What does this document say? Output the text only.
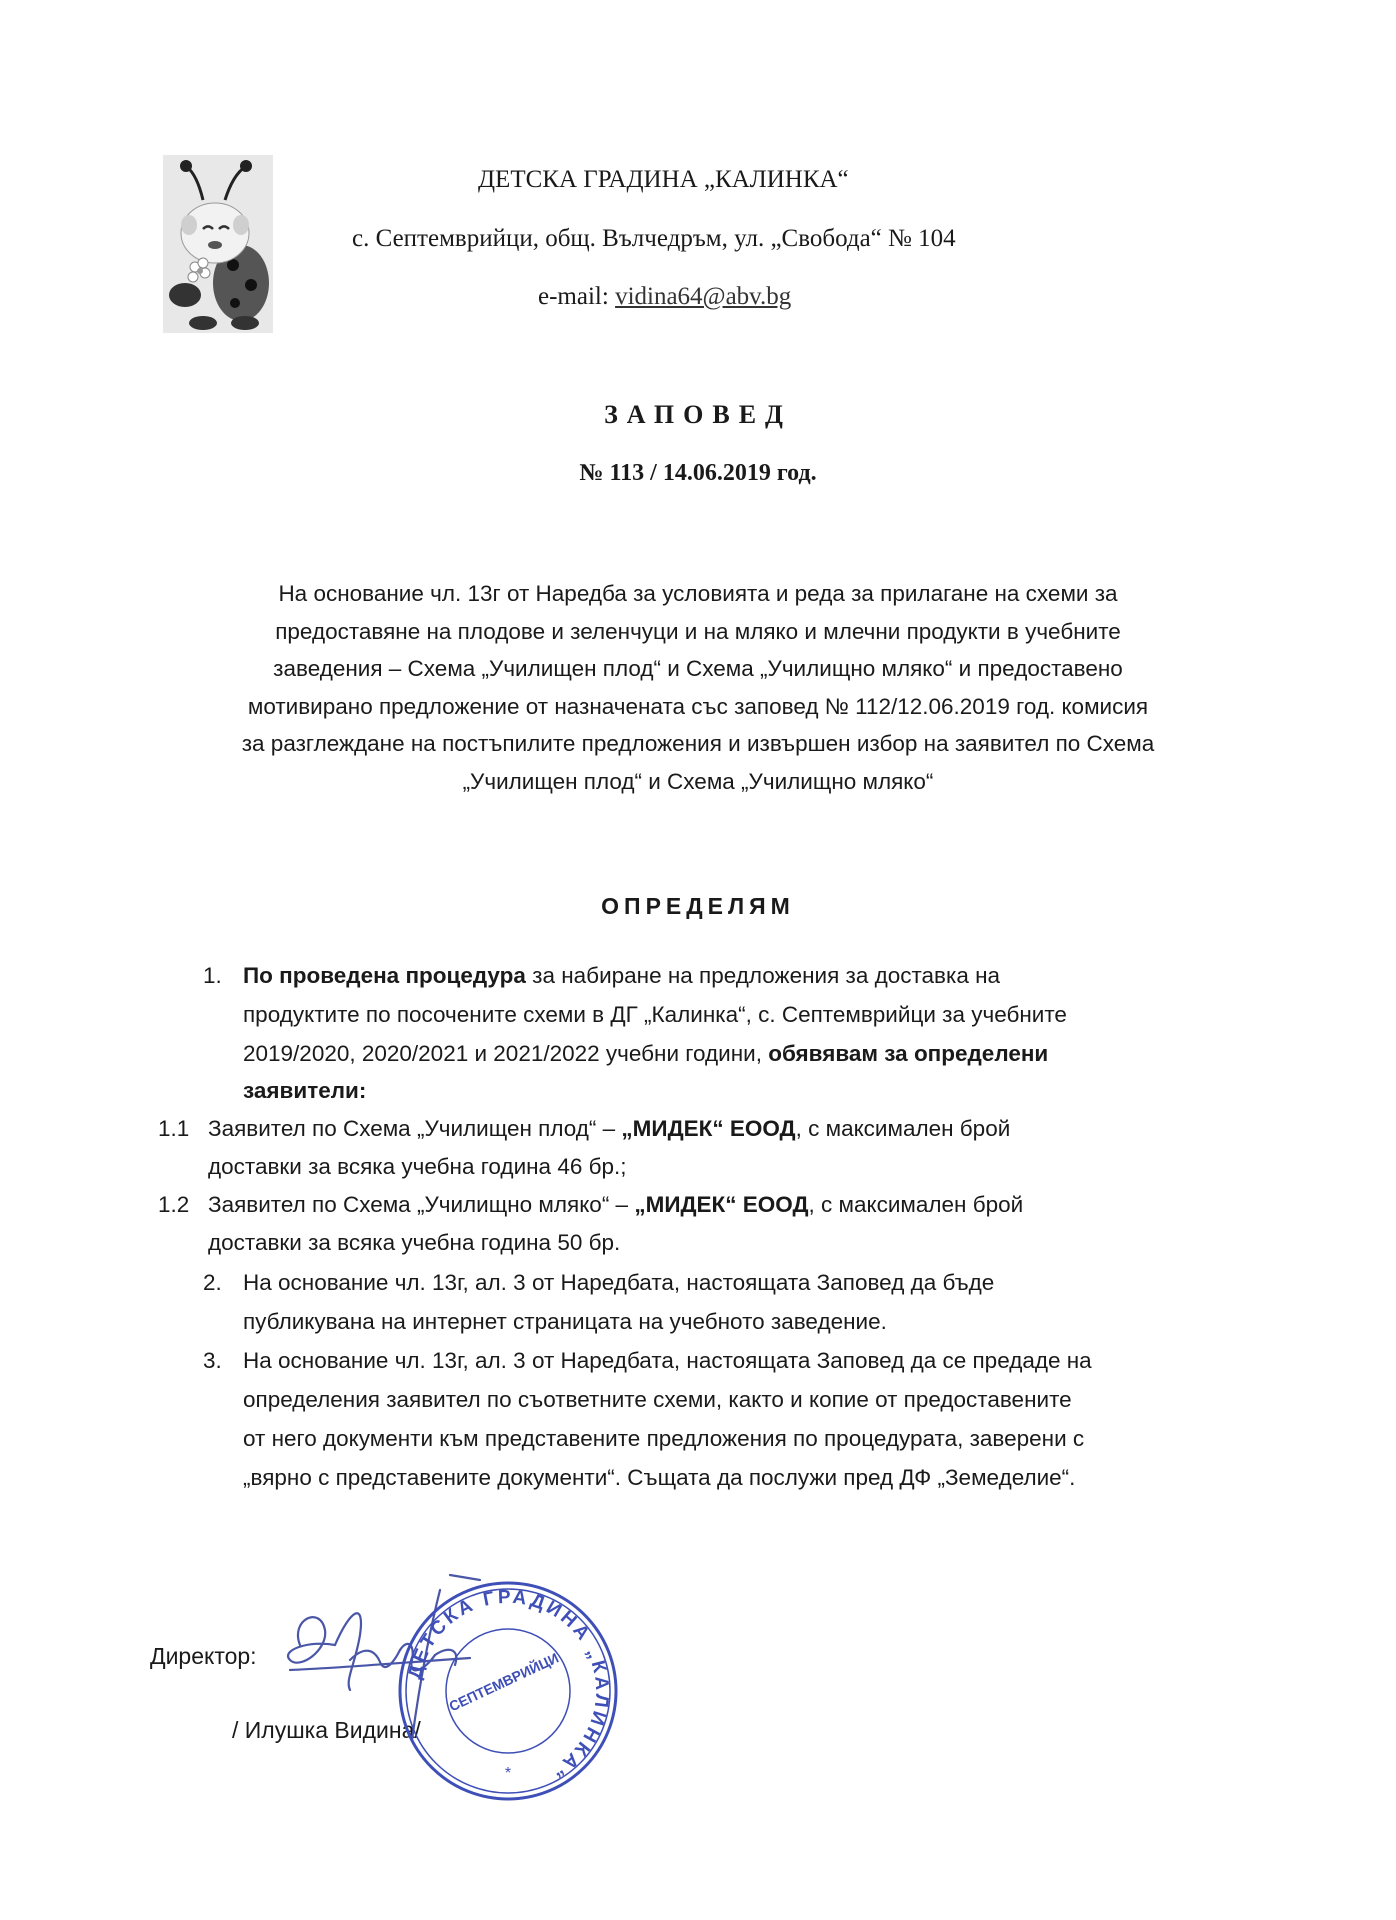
ДЕТСКА ГРАДИНА „КАЛИНКА“
с. Септемврийци, общ. Вълчедръм, ул. „Свобода“ № 104
e-mail: vidina64@abv.bg
ЗАПОВЕД
№ 113 / 14.06.2019 год.
На основание чл. 13г от Наредба за условията и реда за прилагане на схеми за
предоставяне на плодове и зеленчуци и на мляко и млечни продукти в учебните
заведения – Схема „Училищен плод“ и Схема „Училищно мляко“ и предоставено
мотивирано предложение от назначената със заповед № 112/12.06.2019 год. комисия
за разглеждане на постъпилите предложения и извършен избор на заявител по Схема
„Училищен плод“ и Схема „Училищно мляко“
ОПРЕДЕЛЯМ
1. По проведена процедура за набиране на предложения за доставка на
продуктите по посочените схеми в ДГ „Калинка“, с. Септемврийци за учебните
2019/2020, 2020/2021 и 2021/2022 учебни години, обявявам за определени
заявители:
1.1 Заявител по Схема „Училищен плод“ – „МИДЕК“ ЕООД, с максимален брой
доставки за всяка учебна година 46 бр.;
1.2 Заявител по Схема „Училищно мляко“ – „МИДЕК“ ЕООД, с максимален брой
доставки за всяка учебна година 50 бр.
2. На основание чл. 13г, ал. 3 от Наредбата, настоящата Заповед да бъде
публикувана на интернет страницата на учебното заведение.
3. На основание чл. 13г, ал. 3 от Наредбата, настоящата Заповед да се предаде на
определения заявител по съответните схеми, както и копие от предоставените
от него документи към представените предложения по процедурата, заверени с
„вярно с представените документи“. Същата да послужи пред ДФ „Земеделие“.
Директор:
/ Илушка Видина/
ДЕТСКА ГРАДИНА „КАЛИНКА“
СЕПТЕМВРИЙЦИ
*
